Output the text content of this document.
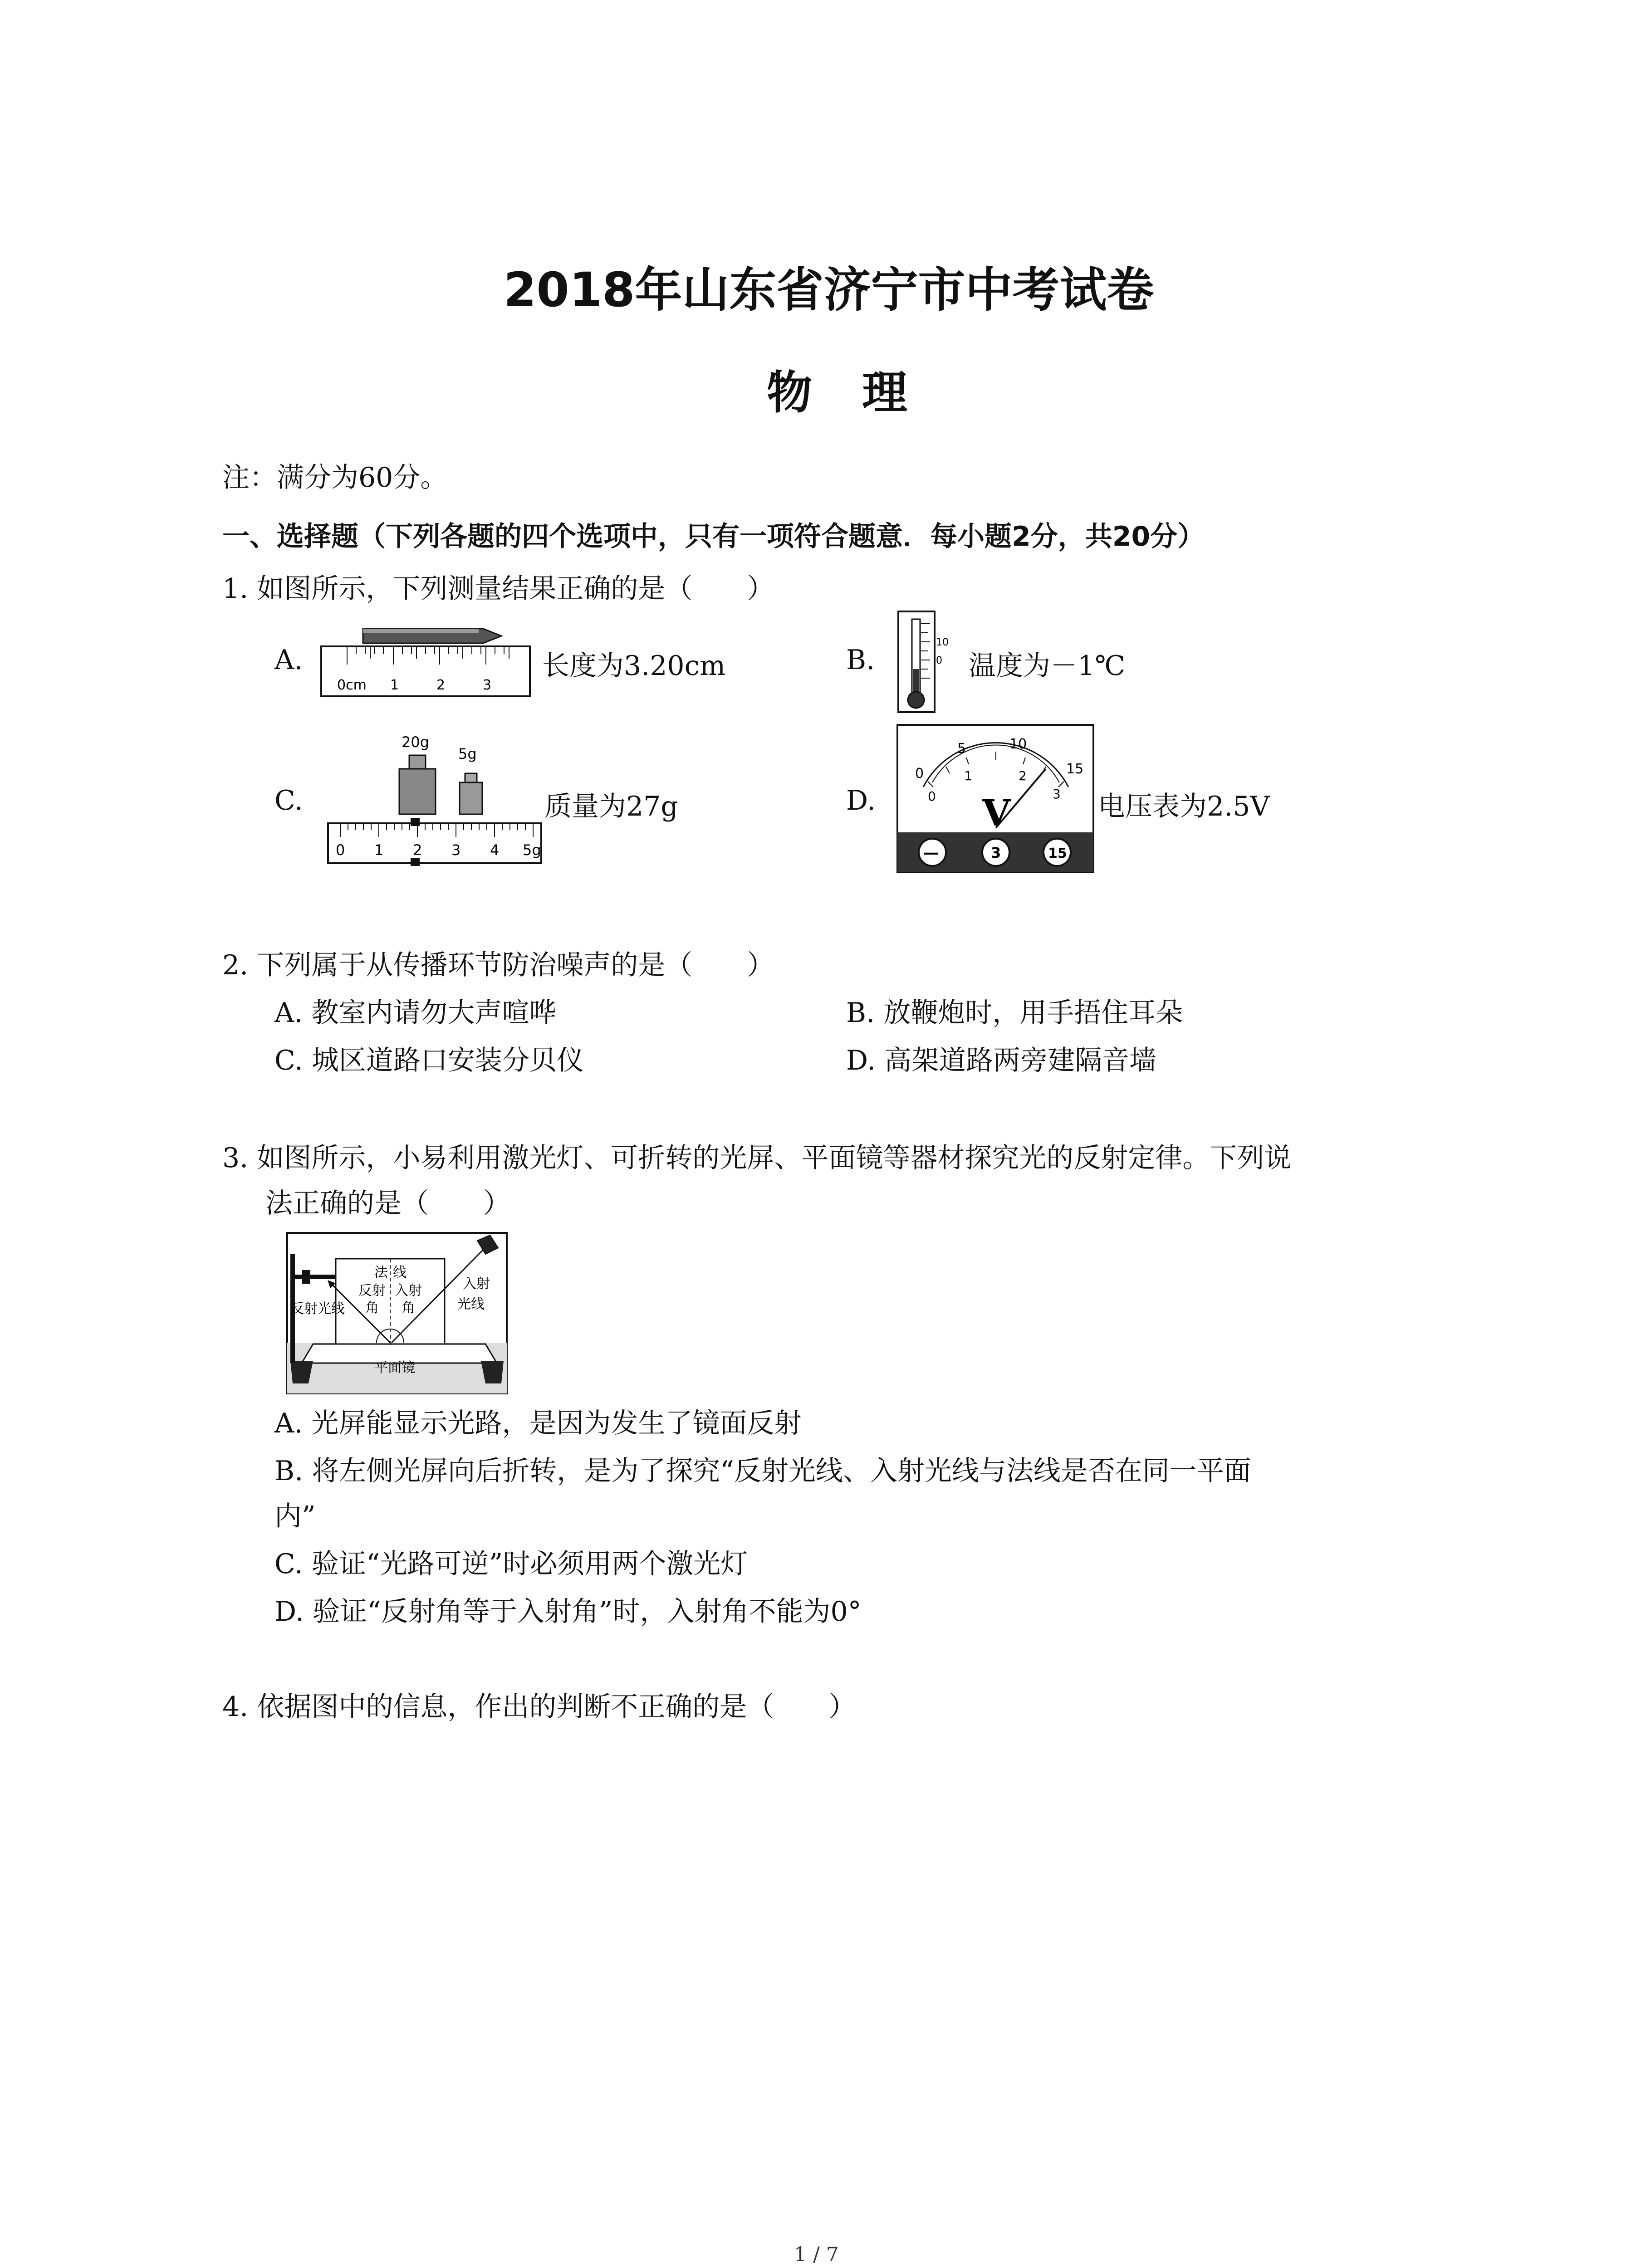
2018年山东省济宁市中考试卷
物理
注：满分为60分。
一、选择题（下列各题的四个选项中，只有一项符合题意．每小题2分，共20分）
1. 如图所示，下列测量结果正确的是（　　）
A.
0cm 1	2	3
长度为3.20cm	B.
10
0 温度为－1℃
C.
20g
5g
0 1 2 3 4 5g
质量为27g	D.
0
5	10
15
0
1	2
3
V
—	3	15
电压表为2.5V
2. 下列属于从传播环节防治噪声的是（　　）
A. 教室内请勿大声喧哗	B. 放鞭炮时，用手捂住耳朵
C. 城区道路口安装分贝仪	D. 高架道路两旁建隔音墙
3. 如图所示，小易利用激光灯、可折转的光屏、平面镜等器材探究光的反射定律。下列说
法正确的是（　　）
法 线
反射
角
入射
角
反射光线
入射
光线
平面镜
A. 光屏能显示光路，是因为发生了镜面反射
B. 将左侧光屏向后折转，是为了探究“反射光线、入射光线与法线是否在同一平面
内”
C. 验证“光路可逆”时必须用两个激光灯
D. 验证“反射角等于入射角”时，入射角不能为0°
4. 依据图中的信息，作出的判断不正确的是（　　）
1 / 7
